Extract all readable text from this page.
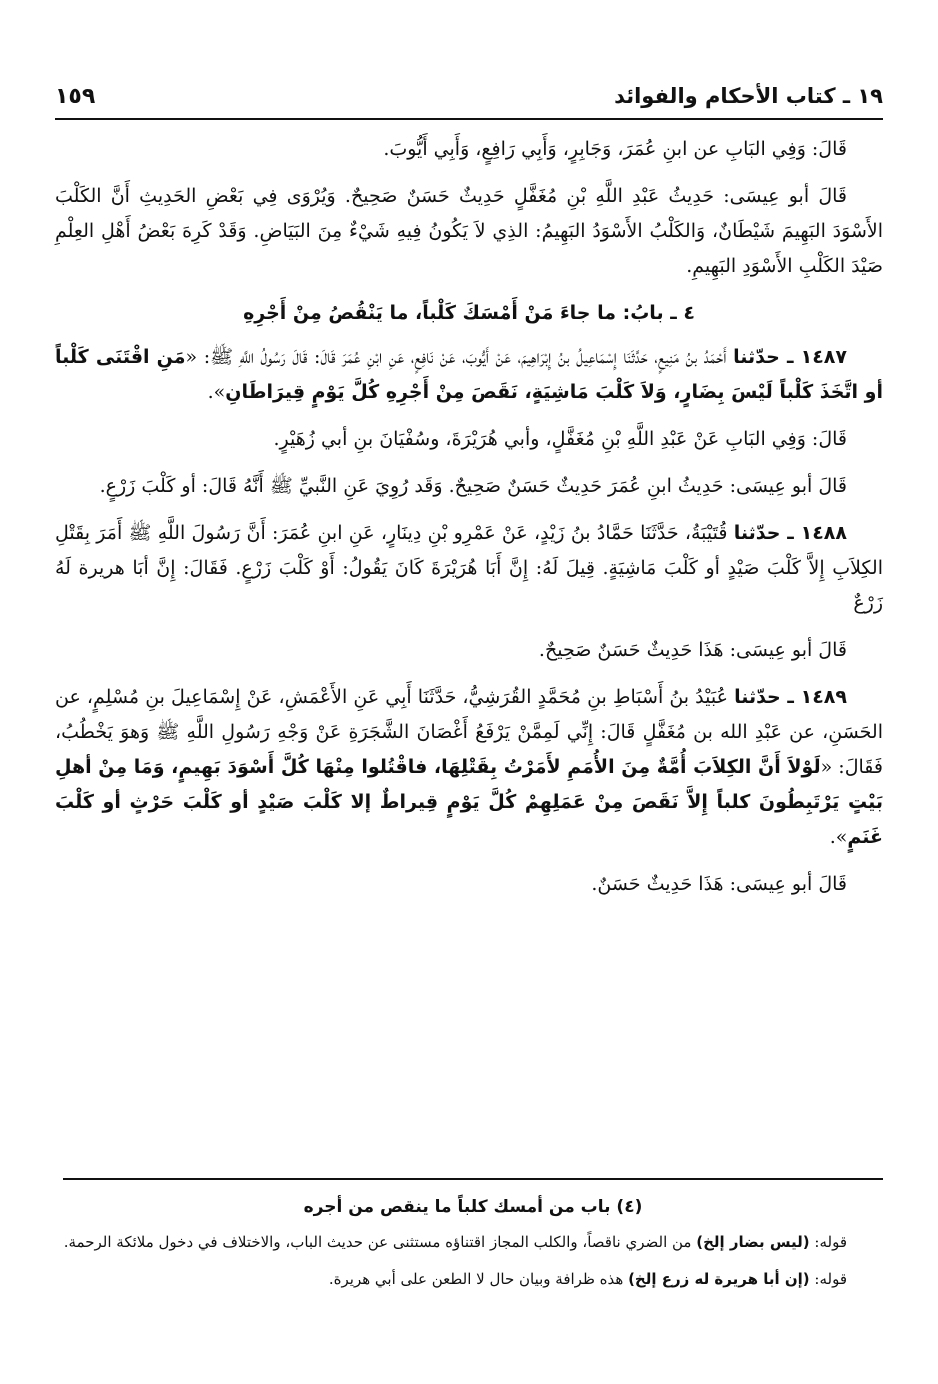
١٩ ـ كتاب الأحكام والفوائد
١٥٩

قَالَ: وَفِي البَابِ عن ابنِ عُمَرَ، وَجَابِرٍ، وَأَبِي رَافِعٍ، وَأَبِي أَيُّوبَ.

قَالَ أبو عِيسَى: حَدِيثُ عَبْدِ اللَّهِ بْنِ مُغَفَّلٍ حَدِيثٌ حَسَنٌ صَحِيحٌ. وَيُرْوَى فِي بَعْضِ الحَدِيثِ أَنَّ الكَلْبَ الأَسْوَدَ البَهِيمَ شَيْطَانٌ، وَالكَلْبُ الأَسْوَدُ البَهِيمُ: الذِي لاَ يَكُونُ فِيهِ شَيْءٌ مِنَ البَيَاضِ. وَقَدْ كَرِهَ بَعْضُ أَهْلِ العِلْمِ صَيْدَ الكَلْبِ الأَسْوَدِ البَهِيمِ.

٤ ـ بابُ: ما جاءَ مَنْ أَمْسَكَ كَلْباً، ما يَنْقُصُ مِنْ أَجْرِهِ

١٤٨٧ ـ حدّثنا أَحْمَدُ بنُ مَنِيعٍ، حَدَّثَنَا إِسْمَاعِيلُ بنُ إِبْرَاهِيمَ، عَنْ أَيُّوبَ، عَنْ نَافِعٍ، عَنِ ابْنِ عُمَرَ قَالَ: قَالَ رَسُولُ اللَّهِ ﷺ: «مَنِ اقْتَنَى كَلْباً أو اتَّخَذَ كَلْباً لَيْسَ بِضَارٍ، وَلاَ كَلْبَ مَاشِيَةٍ، نَقَصَ مِنْ أَجْرِهِ كُلَّ يَوْمٍ قِيرَاطَانِ».

قَالَ: وَفِي البَابِ عَنْ عَبْدِ اللَّهِ بْنِ مُغَفَّلٍ، وأبي هُرَيْرَةَ، وسُفْيَانَ بنِ أبي زُهَيْرٍ.

قَالَ أبو عِيسَى: حَدِيثُ ابنِ عُمَرَ حَدِيثٌ حَسَنٌ صَحِيحٌ. وَقَد رُوِيَ عَنِ النَّبيِّ ﷺ أَنَّهُ قَالَ: أو كَلْبَ زَرْعٍ.

١٤٨٨ ـ حدّثنا قُتَيْبَةُ، حَدَّثَنَا حَمَّادُ بنُ زَيْدٍ، عَنْ عَمْرِو بْنِ دِينَارٍ، عَنِ ابنِ عُمَرَ: أَنَّ رَسُولَ اللَّهِ ﷺ أَمَرَ بِقَتْلِ الكِلاَبِ إِلاَّ كَلْبَ صَيْدٍ أو كَلْبَ مَاشِيَةٍ. قِيلَ لَهُ: إِنَّ أَبَا هُرَيْرَةَ كَانَ يَقُولُ: أَوْ كَلْبَ زَرْعٍ. فَقَالَ: إِنَّ أبَا هريرة لَهُ زَرْعٌ

قَالَ أبو عِيسَى: هَذَا حَدِيثٌ حَسَنٌ صَحِيحٌ.

١٤٨٩ ـ حدّثنا عُبَيْدُ بنُ أَسْبَاطِ بنِ مُحَمَّدٍ القُرَشِيُّ، حَدَّثَنَا أَبِي عَنِ الأَعْمَشِ، عَنْ إِسْمَاعِيلَ بنِ مُسْلِمٍ، عن الحَسَنِ، عن عَبْدِ الله بن مُغَفَّلٍ قَالَ: إِنِّي لَمِمَّنْ يَرْفَعُ أَغْصَانَ الشَّجَرَةِ عَنْ وَجْهِ رَسُولِ اللَّهِ ﷺ وَهوَ يَخْطُبُ، فَقَالَ: «لَوْلاَ أَنَّ الكِلاَبَ أُمَّةٌ مِنَ الأُمَمِ لأَمَرْتُ بِقَتْلِهَا، فاقْتُلوا مِنْهَا كُلَّ أَسْوَدَ بَهِيمٍ، وَمَا مِنْ أهلِ بَيْتٍ يَرْتَبِطُونَ كلباً إِلاَّ نَقَصَ مِنْ عَمَلِهِمْ كُلَّ يَوْمٍ قِيراطٌ إلا كَلْبَ صَيْدٍ أو كَلْبَ حَرْثٍ أو كَلْبَ غَنَمٍ».

قَالَ أبو عِيسَى: هَذَا حَدِيثٌ حَسَنٌ.

(٤) باب من أمسك كلباً ما ينقص من أجره

قوله: (ليس بضار إلخ) من الضري ناقصاً، والكلب المجاز اقتناؤه مستثنى عن حديث الباب، والاختلاف في دخول ملائكة الرحمة.

قوله: (إن أبا هريرة له زرع إلخ) هذه ظرافة وبيان حال لا الطعن على أبي هريرة.
